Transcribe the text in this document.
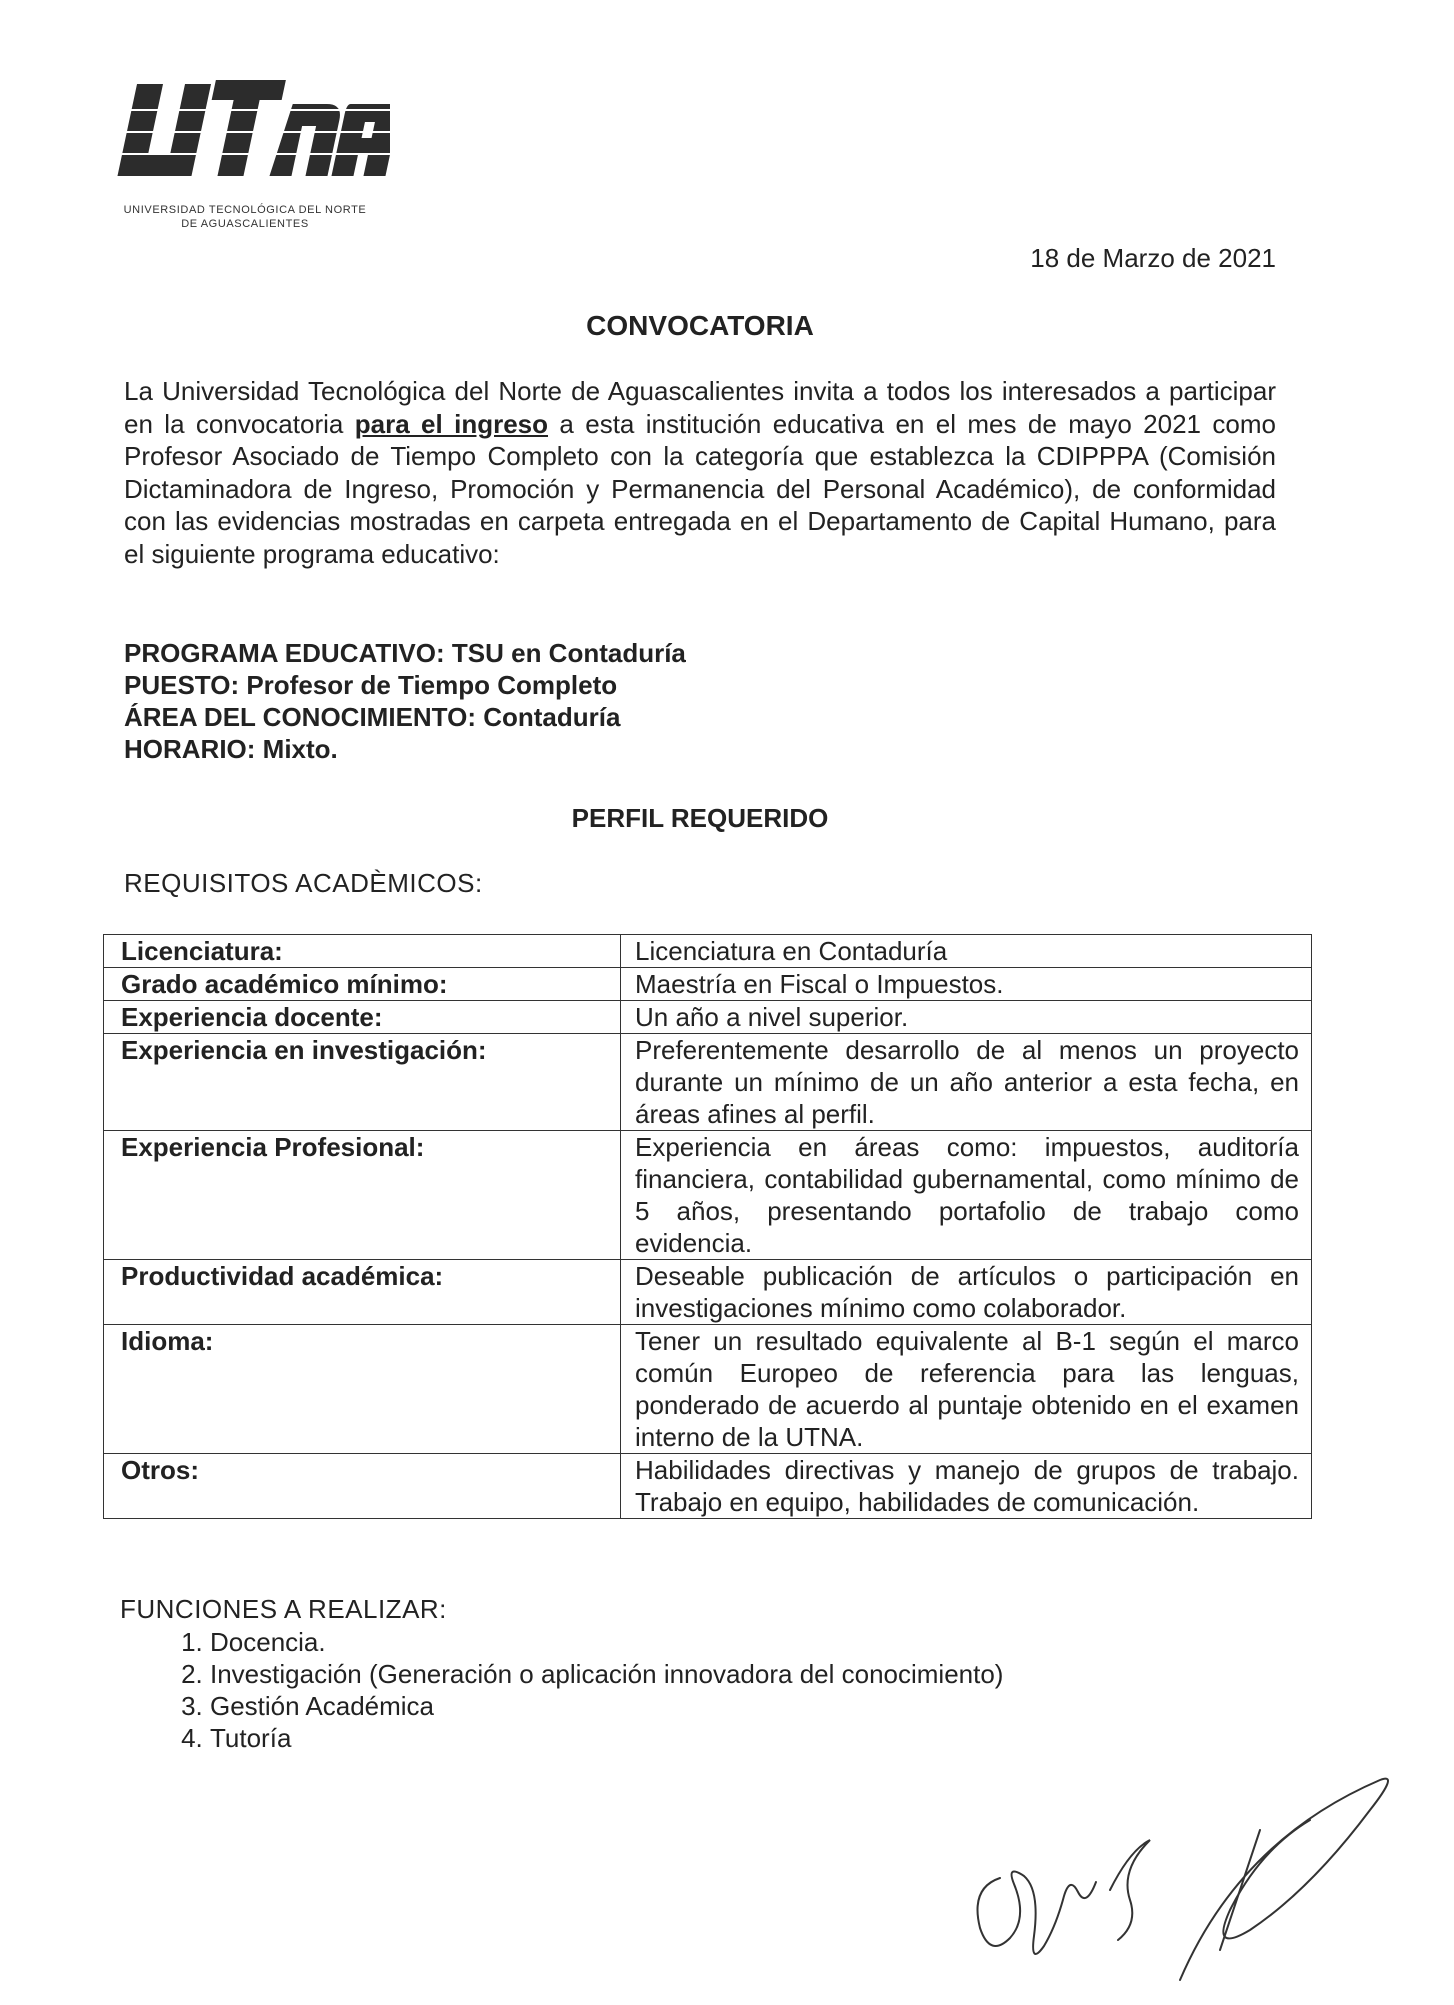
UNIVERSIDAD TECNOLÓGICA DEL NORTE
DE AGUASCALIENTES
18 de Marzo de 2021
CONVOCATORIA
La Universidad Tecnológica del Norte de Aguascalientes invita a todos los interesados a participar en la convocatoria para el ingreso a esta institución educativa en el mes de mayo 2021 como Profesor Asociado de Tiempo Completo con la categoría que establezca la CDIPPPA (Comisión Dictaminadora de Ingreso, Promoción y Permanencia del Personal Académico), de conformidad con las evidencias mostradas en carpeta entregada en el Departamento de Capital Humano, para el siguiente programa educativo:
PROGRAMA EDUCATIVO: TSU en Contaduría
PUESTO: Profesor de Tiempo Completo
ÁREA DEL CONOCIMIENTO: Contaduría
HORARIO: Mixto.
PERFIL REQUERIDO
REQUISITOS ACADÈMICOS:
Licenciatura:	Licenciatura en Contaduría
Grado académico mínimo:	Maestría en Fiscal o Impuestos.
Experiencia docente:	Un año a nivel superior.
Experiencia en investigación:	Preferentemente desarrollo de al menos un proyecto durante un mínimo de un año anterior a esta fecha, en áreas afines al perfil.
Experiencia Profesional:	Experiencia en áreas como: impuestos, auditoría financiera, contabilidad gubernamental, como mínimo de 5 años, presentando portafolio de trabajo como evidencia.
Productividad académica:	Deseable publicación de artículos o participación en investigaciones mínimo como colaborador.
Idioma:	Tener un resultado equivalente al B-1 según el marco común Europeo de referencia para las lenguas, ponderado de acuerdo al puntaje obtenido en el examen interno de la UTNA.
Otros:	Habilidades directivas y manejo de grupos de trabajo. Trabajo en equipo, habilidades de comunicación.
FUNCIONES A REALIZAR:
1. Docencia.
2. Investigación (Generación o aplicación innovadora del conocimiento)
3. Gestión Académica
4. Tutoría
